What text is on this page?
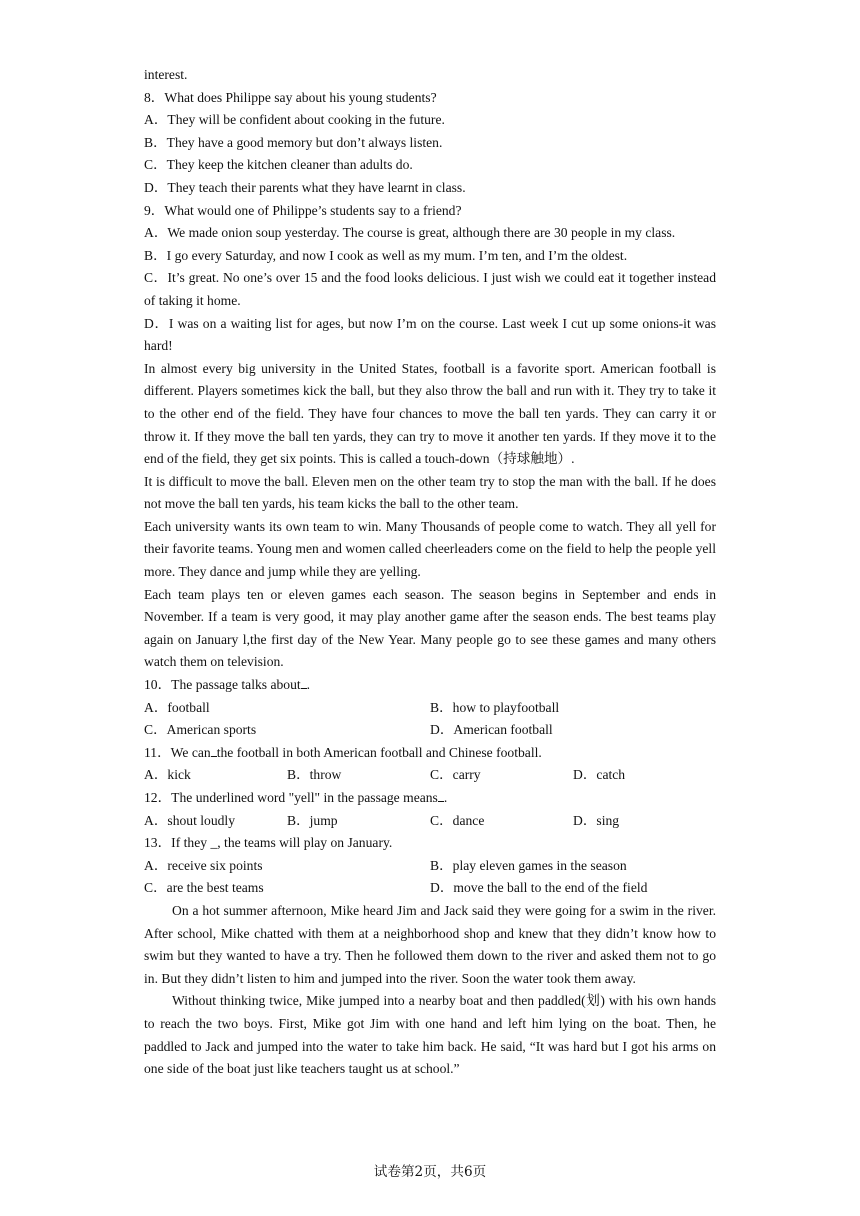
interest.
8．What does Philippe say about his young students?
A．They will be confident about cooking in the future.
B．They have a good memory but don’t always listen.
C．They keep the kitchen cleaner than adults do.
D．They teach their parents what they have learnt in class.
9．What would one of Philippe’s students say to a friend?
A．We made onion soup yesterday. The course is great, although there are 30 people in my class.
B．I go every Saturday, and now I cook as well as my mum. I’m ten, and I’m the oldest.
C．It’s great. No one’s over 15 and the food looks delicious. I just wish we could eat it together instead of taking it home.
D．I was on a waiting list for ages, but now I’m on the course. Last week I cut up some onions-it was hard!
In almost every big university in the United States, football is a favorite sport. American football is different. Players sometimes kick the ball, but they also throw the ball and run with it. They try to take it to the other end of the field. They have four chances to move the ball ten yards. They can carry it or throw it. If they move the ball ten yards, they can try to move it another ten yards. If they move it to the end of the field, they get six points. This is called a touch-down（持球触地）.
It is difficult to move the ball. Eleven men on the other team try to stop the man with the ball. If he does not move the ball ten yards, his team kicks the ball to the other team.
Each university wants its own team to win. Many Thousands of people come to watch. They all yell for their favorite teams. Young men and women called cheerleaders come on the field to help the people yell more. They dance and jump while they are yelling.
Each team plays ten or eleven games each season. The season begins in September and ends in November. If a team is very good, it may play another game after the season ends. The best teams play again on January l,the first day of the New Year. Many people go to see these games and many others watch them on television.
10．The passage talks about .
A．football	B．how to playfootball
C．American sports	D．American football
11．We can the football in both American football and Chinese football.
A．kick	B．throw	C．carry	D．catch
12．The underlined word "yell" in the passage means .
A．shout loudly	B．jump	C．dance	D．sing
13．If they _, the teams will play on January.
A．receive six points	B．play eleven games in the season
C．are the best teams	D．move the ball to the end of the field
On a hot summer afternoon, Mike heard Jim and Jack said they were going for a swim in the river. After school, Mike chatted with them at a neighborhood shop and knew that they didn’t know how to swim but they wanted to have a try. Then he followed them down to the river and asked them not to go in. But they didn’t listen to him and jumped into the river. Soon the water took them away.
Without thinking twice, Mike jumped into a nearby boat and then paddled(划) with his own hands to reach the two boys. First, Mike got Jim with one hand and left him lying on the boat. Then, he paddled to Jack and jumped into the water to take him back. He said, “It was hard but I got his arms on one side of the boat just like teachers taught us at school.”
试卷第2页，共6页
